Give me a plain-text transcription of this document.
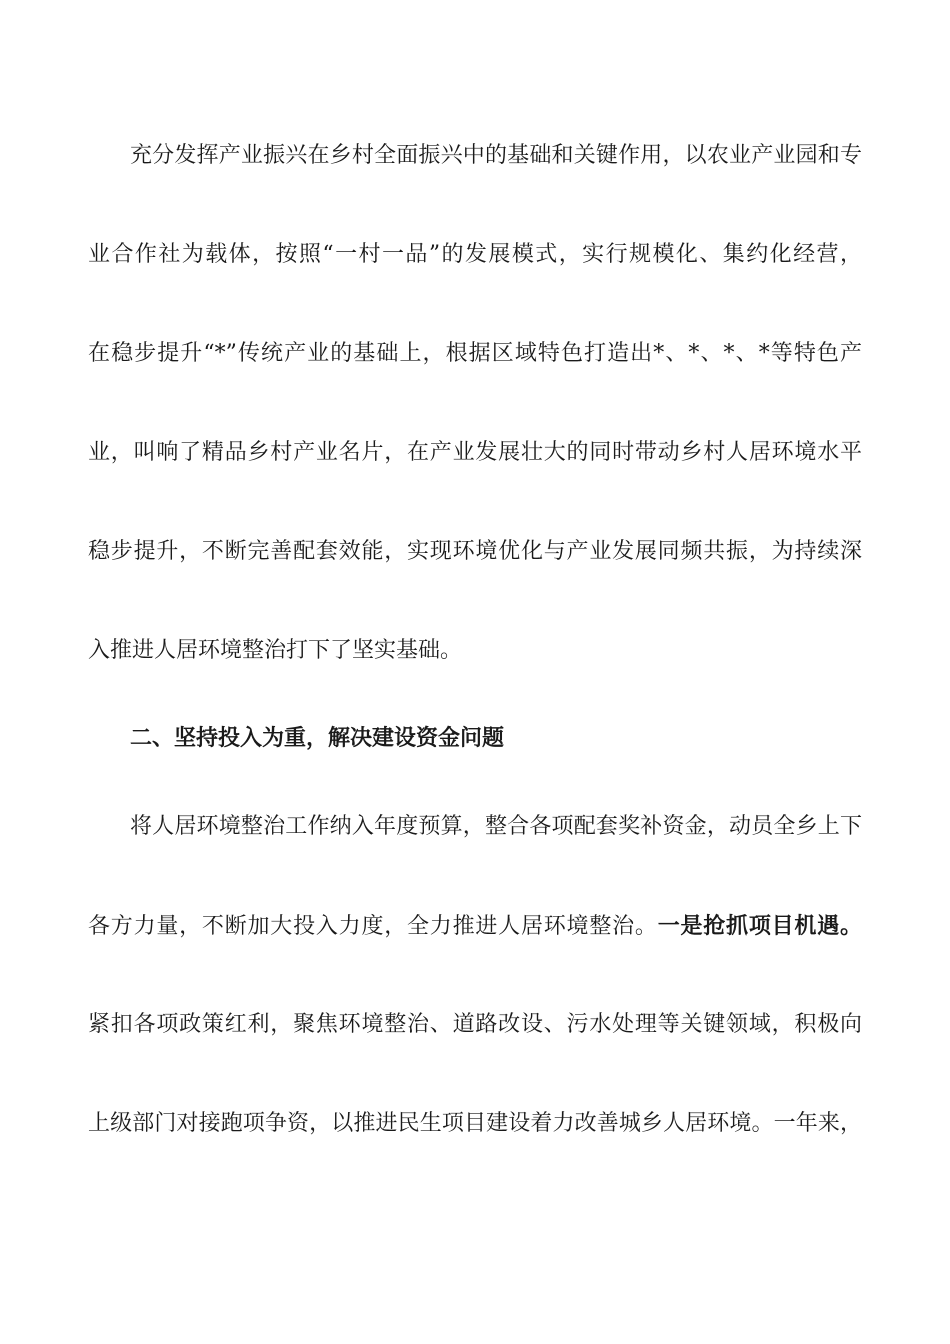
充分发挥产业振兴在乡村全面振兴中的基础和关键作用，以农业产业园和专
业合作社为载体，按照“一村一品”的发展模式，实行规模化、集约化经营，
在稳步提升“*”传统产业的基础上，根据区域特色打造出*、*、*、*等特色产
业，叫响了精品乡村产业名片，在产业发展壮大的同时带动乡村人居环境水平
稳步提升，不断完善配套效能，实现环境优化与产业发展同频共振，为持续深
入推进人居环境整治打下了坚实基础。
二、坚持投入为重，解决建设资金问题
将人居环境整治工作纳入年度预算，整合各项配套奖补资金，动员全乡上下
各方力量，不断加大投入力度，全力推进人居环境整治。一是抢抓项目机遇。
紧扣各项政策红利，聚焦环境整治、道路改设、污水处理等关键领域，积极向
上级部门对接跑项争资，以推进民生项目建设着力改善城乡人居环境。一年来，
